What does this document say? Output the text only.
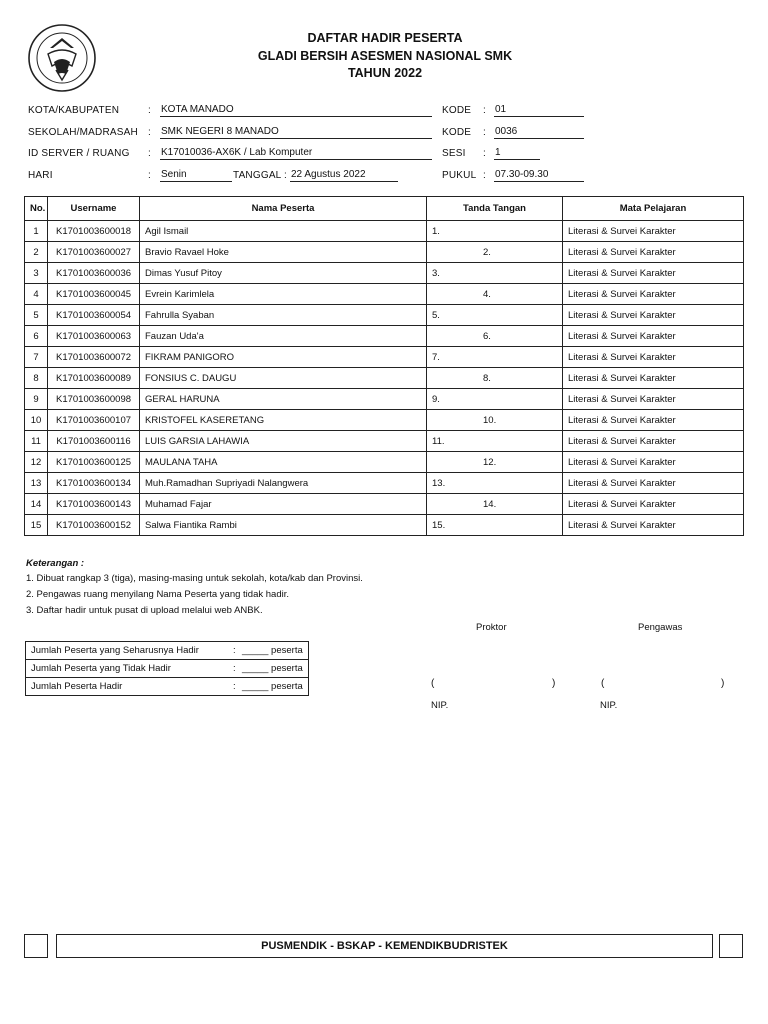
DAFTAR HADIR PESERTA
GLADI BERSIH ASESMEN NASIONAL SMK
TAHUN 2022
KOTA/KABUPATEN	: KOTA MANADO	KODE : 01
SEKOLAH/MADRASAH : SMK NEGERI 8 MANADO	KODE : 0036
ID SERVER / RUANG : K17010036-AX6K / Lab Komputer	SESI : 1
HARI	: Senin	TANGGAL : 22 Agustus 2022	PUKUL : 07.30-09.30
No.	Username	Nama Peserta	Tanda Tangan	Mata Pelajaran
1	K1701003600018	Agil Ismail	1.	Literasi & Survei Karakter
2	K1701003600027	Bravio Ravael Hoke	2.	Literasi & Survei Karakter
3	K1701003600036	Dimas Yusuf Pitoy	3.	Literasi & Survei Karakter
4	K1701003600045	Evrein Karimlela	4.	Literasi & Survei Karakter
5	K1701003600054	Fahrulla Syaban	5.	Literasi & Survei Karakter
6	K1701003600063	Fauzan Uda'a	6.	Literasi & Survei Karakter
7	K1701003600072	FIKRAM PANIGORO	7.	Literasi & Survei Karakter
8	K1701003600089	FONSIUS C. DAUGU	8.	Literasi & Survei Karakter
9	K1701003600098	GERAL HARUNA	9.	Literasi & Survei Karakter
10	K1701003600107	KRISTOFEL KASERETANG	10.	Literasi & Survei Karakter
11	K1701003600116	LUIS GARSIA LAHAWIA	11.	Literasi & Survei Karakter
12	K1701003600125	MAULANA TAHA	12.	Literasi & Survei Karakter
13	K1701003600134	Muh.Ramadhan Supriyadi Nalangwera	13.	Literasi & Survei Karakter
14	K1701003600143	Muhamad Fajar	14.	Literasi & Survei Karakter
15	K1701003600152	Salwa Fiantika Rambi	15.	Literasi & Survei Karakter
Keterangan :
1. Dibuat rangkap 3 (tiga), masing-masing untuk sekolah, kota/kab dan Provinsi.
2. Pengawas ruang menyilang Nama Peserta yang tidak hadir.
3. Daftar hadir untuk pusat di upload melalui web ANBK.
Jumlah Peserta yang Seharusnya Hadir	: _____ peserta
Jumlah Peserta yang Tidak Hadir	: _____ peserta
Jumlah Peserta Hadir	: _____ peserta
Proktor	Pengawas
(	)	(	)
NIP.	NIP.
PUSMENDIK - BSKAP - KEMENDIKBUDRISTEK
